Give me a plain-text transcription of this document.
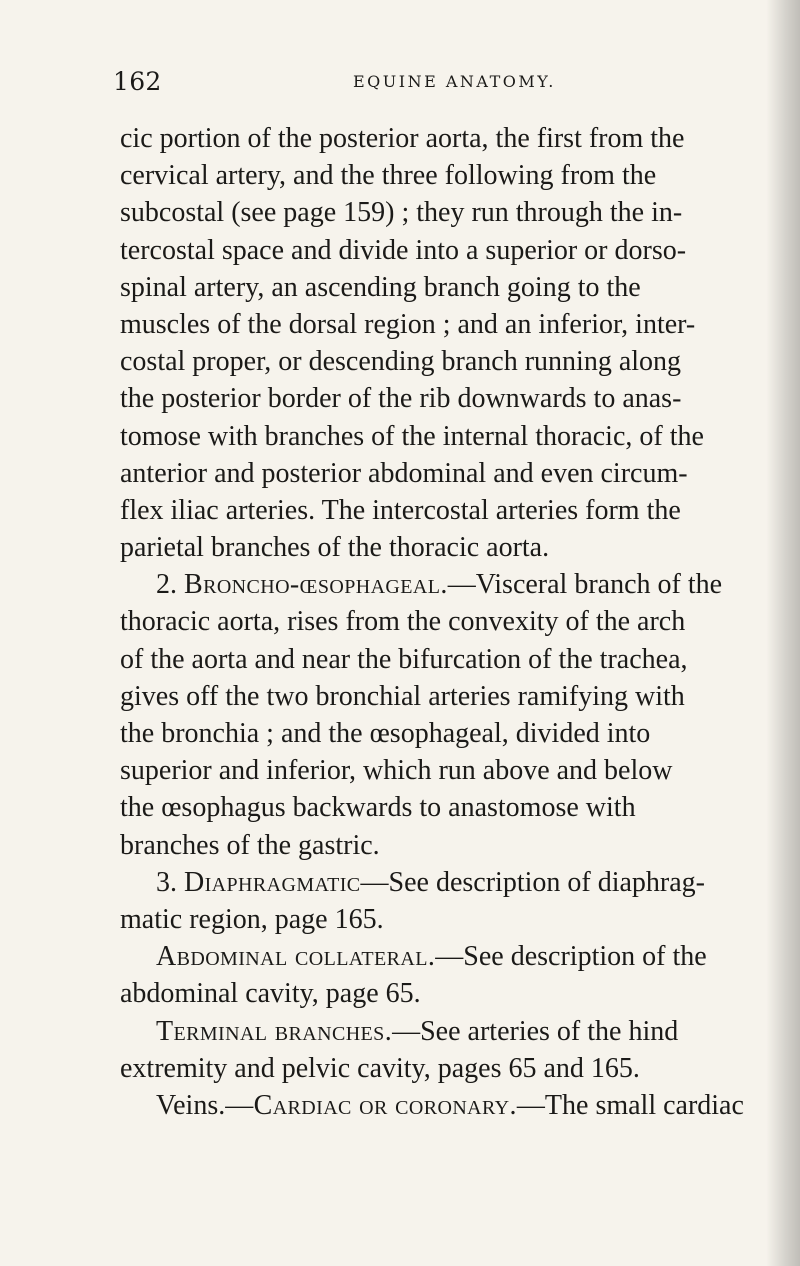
162	EQUINE ANATOMY.
cic portion of the posterior aorta, the first from the
cervical artery, and the three following from the
subcostal (see page 159) ; they run through the in-
tercostal space and divide into a superior or dorso-
spinal artery, an ascending branch going to the
muscles of the dorsal region ; and an inferior, inter-
costal proper, or descending branch running along
the posterior border of the rib downwards to anas-
tomose with branches of the internal thoracic, of the
anterior and posterior abdominal and even circum-
flex iliac arteries. The intercostal arteries form the
parietal branches of the thoracic aorta.
2. Broncho-œsophageal.—Visceral branch of the
thoracic aorta, rises from the convexity of the arch
of the aorta and near the bifurcation of the trachea,
gives off the two bronchial arteries ramifying with
the bronchia ; and the œsophageal, divided into
superior and inferior, which run above and below
the œsophagus backwards to anastomose with
branches of the gastric.
3. Diaphragmatic—See description of diaphrag-
matic region, page 165.
Abdominal collateral.—See description of the
abdominal cavity, page 65.
Terminal branches.—See arteries of the hind
extremity and pelvic cavity, pages 65 and 165.
Veins.—Cardiac or coronary.—The small cardiac
